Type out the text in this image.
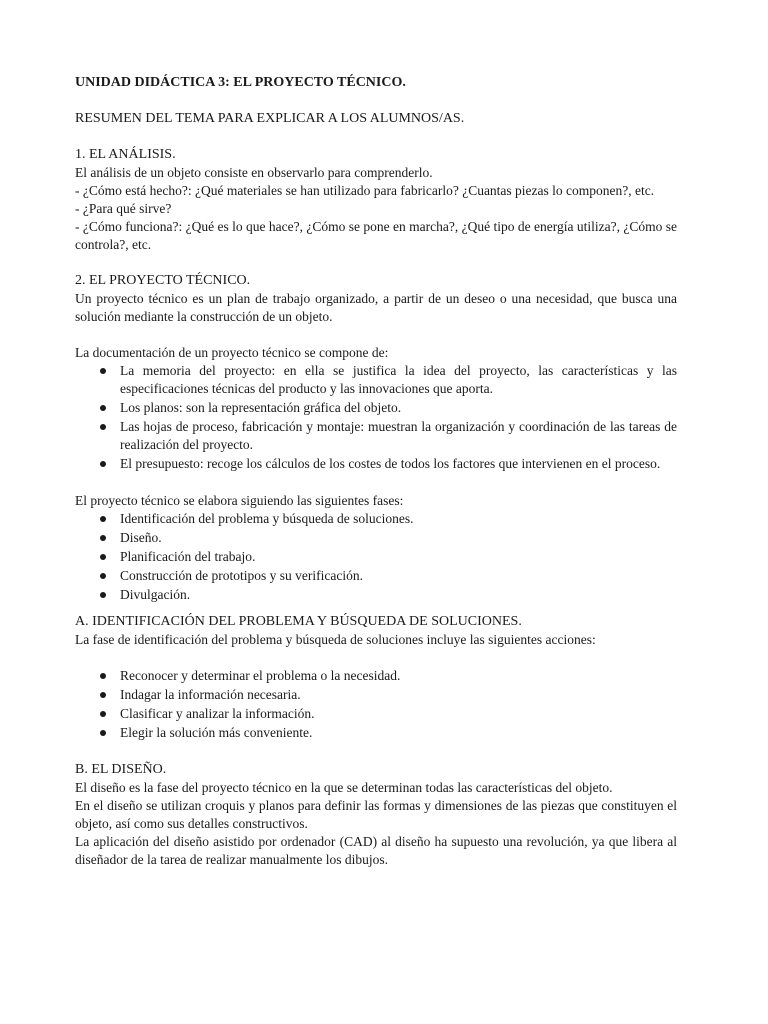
UNIDAD DIDÁCTICA 3: EL PROYECTO TÉCNICO.
RESUMEN DEL TEMA PARA EXPLICAR A LOS ALUMNOS/AS.
1. EL ANÁLISIS.

El análisis de un objeto consiste en observarlo para comprenderlo.

- ¿Cómo está hecho?: ¿Qué materiales se han utilizado para fabricarlo? ¿Cuantas piezas lo componen?, etc.

- ¿Para qué sirve?

- ¿Cómo funciona?: ¿Qué es lo que hace?, ¿Cómo se pone en marcha?, ¿Qué tipo de energía utiliza?, ¿Cómo se controla?, etc.

2. EL PROYECTO TÉCNICO.

Un proyecto técnico es un plan de trabajo organizado, a partir de un deseo o una necesidad, que busca una solución mediante la construcción de un objeto.

La documentación de un proyecto técnico se compone de:

La memoria del proyecto: en ella se justifica la idea del proyecto, las características y las especificaciones técnicas del producto y las innovaciones que aporta.
Los planos: son la representación gráfica del objeto.
Las hojas de proceso, fabricación y montaje: muestran la organización y coordinación de las tareas de realización del proyecto.
El presupuesto: recoge los cálculos de los costes de todos los factores que intervienen en el proceso.

El proyecto técnico se elabora siguiendo las siguientes fases:

Identificación del problema y búsqueda de soluciones.
Diseño.
Planificación del trabajo.
Construcción de prototipos y su verificación.
Divulgación.
A. IDENTIFICACIÓN DEL PROBLEMA Y BÚSQUEDA DE SOLUCIONES.

La fase de identificación del problema y búsqueda de soluciones incluye las siguientes acciones:

Reconocer y determinar el problema o la necesidad.
Indagar la información necesaria.
Clasificar y analizar la información.
Elegir la solución más conveniente.
B. EL DISEÑO.

El diseño es la fase del proyecto técnico en la que se determinan todas las características del objeto.

En el diseño se utilizan croquis y planos para definir las formas y dimensiones de las piezas que constituyen el objeto, así como sus detalles constructivos.

La aplicación del diseño asistido por ordenador (CAD) al diseño ha supuesto una revolución, ya que libera al diseñador de la tarea de realizar manualmente los dibujos.
